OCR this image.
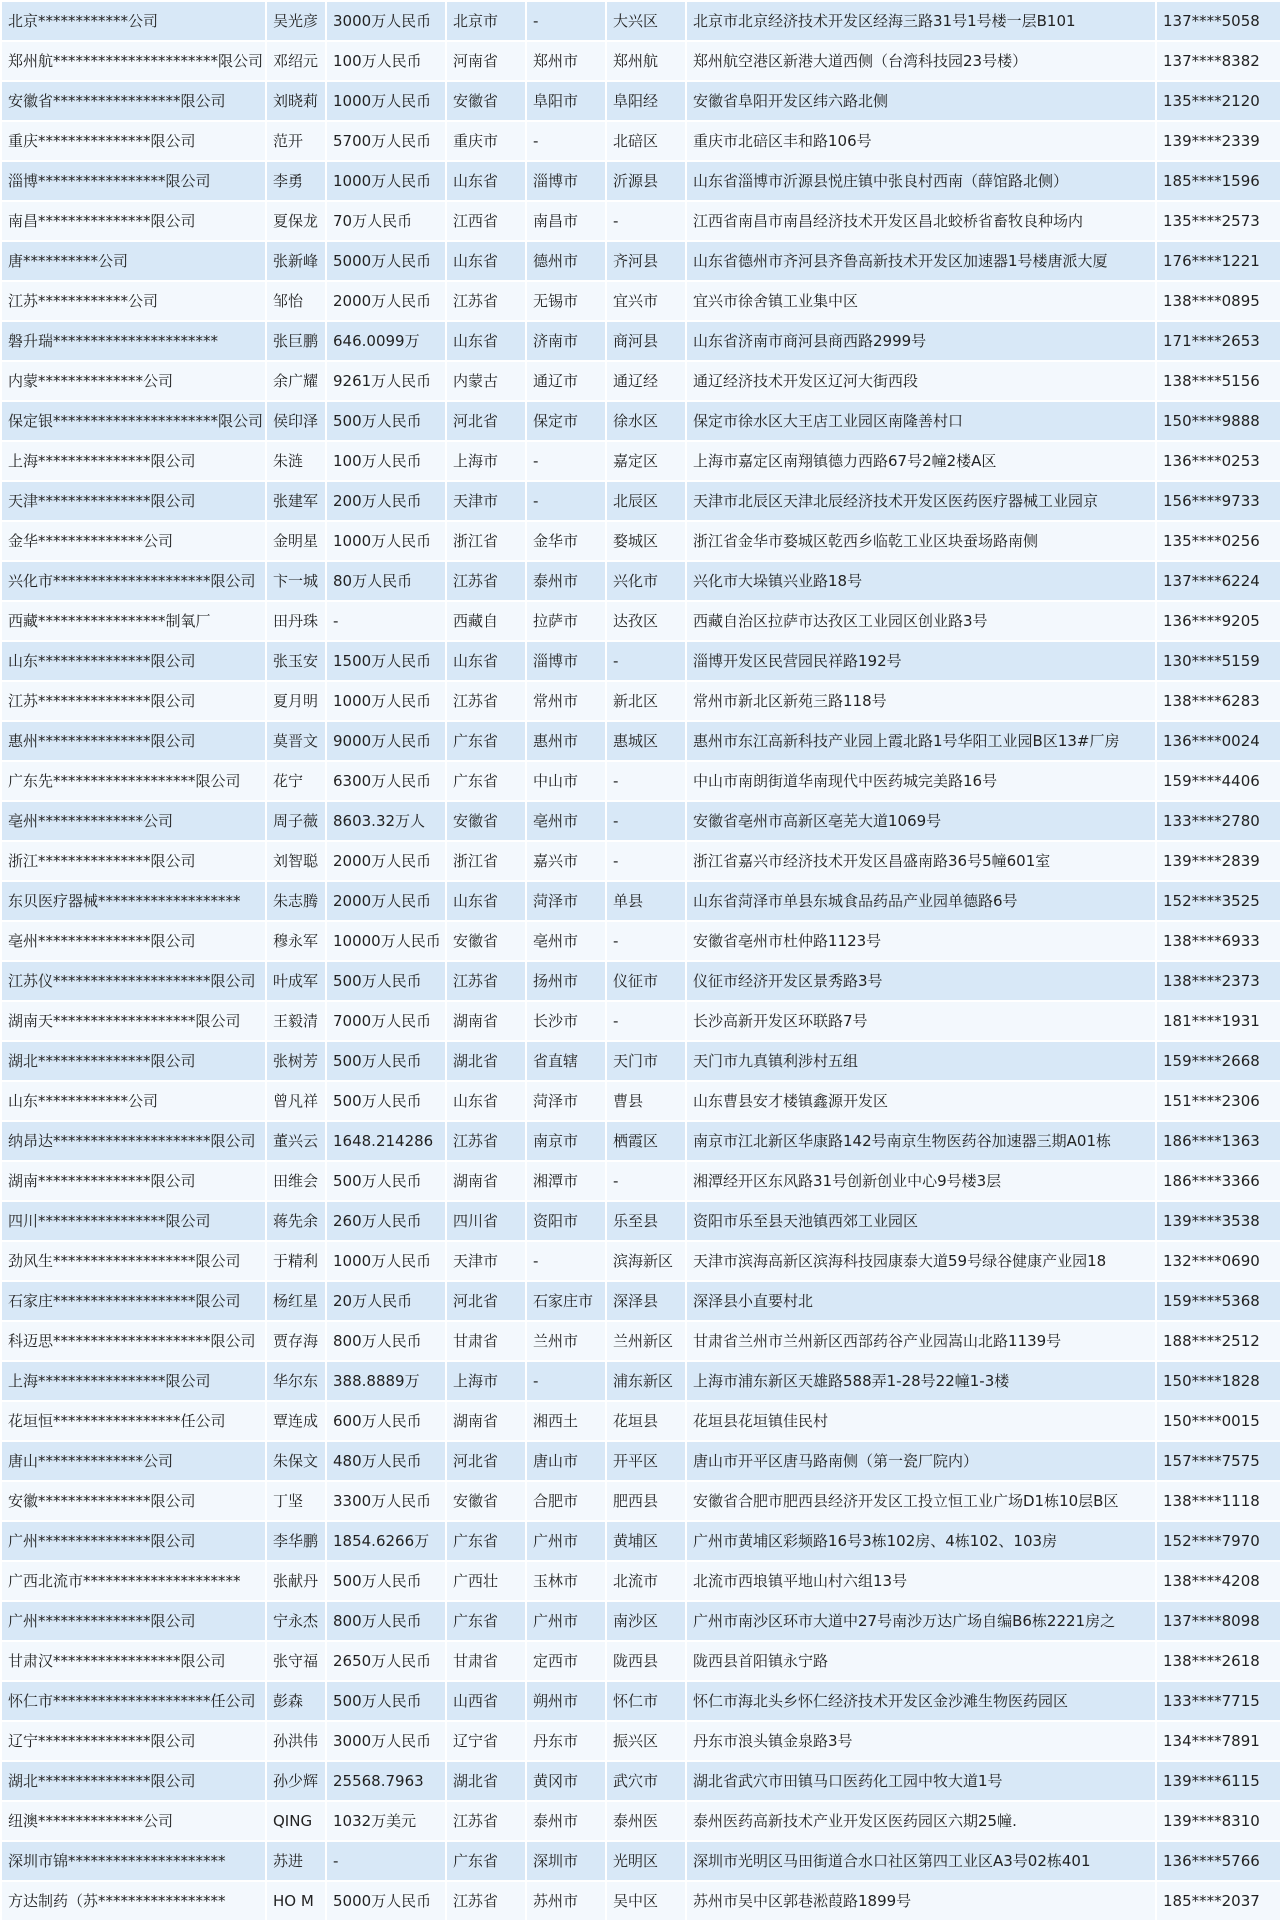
北京************公司	吴光彦	3000万人民币	北京市	-	大兴区	北京市北京经济技术开发区经海三路31号1号楼一层B101	137****5058
郑州航**********************限公司	邓绍元	100万人民币	河南省	郑州市	郑州航	郑州航空港区新港大道西侧（台湾科技园23号楼）	137****8382
安徽省*****************限公司	刘晓莉	1000万人民币	安徽省	阜阳市	阜阳经	安徽省阜阳开发区纬六路北侧	135****2120
重庆***************限公司	范开	5700万人民币	重庆市	-	北碚区	重庆市北碚区丰和路106号	139****2339
淄博*****************限公司	李勇	1000万人民币	山东省	淄博市	沂源县	山东省淄博市沂源县悦庄镇中张良村西南（薛馆路北侧）	185****1596
南昌***************限公司	夏保龙	70万人民币	江西省	南昌市	-	江西省南昌市南昌经济技术开发区昌北蛟桥省畜牧良种场内	135****2573
唐**********公司	张新峰	5000万人民币	山东省	德州市	齐河县	山东省德州市齐河县齐鲁高新技术开发区加速器1号楼唐派大厦	176****1221
江苏************公司	邹怡	2000万人民币	江苏省	无锡市	宜兴市	宜兴市徐舍镇工业集中区	138****0895
磐升瑞**********************	张巨鹏	646.0099万	山东省	济南市	商河县	山东省济南市商河县商西路2999号	171****2653
内蒙**************公司	余广耀	9261万人民币	内蒙古	通辽市	通辽经	通辽经济技术开发区辽河大街西段	138****5156
保定银**********************限公司	侯印泽	500万人民币	河北省	保定市	徐水区	保定市徐水区大王店工业园区南隆善村口	150****9888
上海***************限公司	朱涟	100万人民币	上海市	-	嘉定区	上海市嘉定区南翔镇德力西路67号2幢2楼A区	136****0253
天津***************限公司	张建军	200万人民币	天津市	-	北辰区	天津市北辰区天津北辰经济技术开发区医药医疗器械工业园京	156****9733
金华**************公司	金明星	1000万人民币	浙江省	金华市	婺城区	浙江省金华市婺城区乾西乡临乾工业区块蚕场路南侧	135****0256
兴化市*********************限公司	卞一城	80万人民币	江苏省	泰州市	兴化市	兴化市大垛镇兴业路18号	137****6224
西藏*****************制氧厂	田丹珠	-	西藏自	拉萨市	达孜区	西藏自治区拉萨市达孜区工业园区创业路3号	136****9205
山东***************限公司	张玉安	1500万人民币	山东省	淄博市	-	淄博开发区民营园民祥路192号	130****5159
江苏***************限公司	夏月明	1000万人民币	江苏省	常州市	新北区	常州市新北区新苑三路118号	138****6283
惠州***************限公司	莫晋文	9000万人民币	广东省	惠州市	惠城区	惠州市东江高新科技产业园上霞北路1号华阳工业园B区13#厂房	136****0024
广东先*******************限公司	花宁	6300万人民币	广东省	中山市	-	中山市南朗街道华南现代中医药城完美路16号	159****4406
亳州**************公司	周子薇	8603.32万人	安徽省	亳州市	-	安徽省亳州市高新区亳芜大道1069号	133****2780
浙江***************限公司	刘智聪	2000万人民币	浙江省	嘉兴市	-	浙江省嘉兴市经济技术开发区昌盛南路36号5幢601室	139****2839
东贝医疗器械*******************	朱志腾	2000万人民币	山东省	菏泽市	单县	山东省菏泽市单县东城食品药品产业园单德路6号	152****3525
亳州***************限公司	穆永军	10000万人民币	安徽省	亳州市	-	安徽省亳州市杜仲路1123号	138****6933
江苏仪*********************限公司	叶成军	500万人民币	江苏省	扬州市	仪征市	仪征市经济开发区景秀路3号	138****2373
湖南天*******************限公司	王毅清	7000万人民币	湖南省	长沙市	-	长沙高新开发区环联路7号	181****1931
湖北***************限公司	张树芳	500万人民币	湖北省	省直辖	天门市	天门市九真镇利涉村五组	159****2668
山东************公司	曾凡祥	500万人民币	山东省	菏泽市	曹县	山东曹县安才楼镇鑫源开发区	151****2306
纳昂达*********************限公司	董兴云	1648.214286	江苏省	南京市	栖霞区	南京市江北新区华康路142号南京生物医药谷加速器三期A01栋	186****1363
湖南***************限公司	田维会	500万人民币	湖南省	湘潭市	-	湘潭经开区东风路31号创新创业中心9号楼3层	186****3366
四川*****************限公司	蒋先余	260万人民币	四川省	资阳市	乐至县	资阳市乐至县天池镇西郊工业园区	139****3538
劲风生*******************限公司	于精利	1000万人民币	天津市	-	滨海新区	天津市滨海高新区滨海科技园康泰大道59号绿谷健康产业园18	132****0690
石家庄*******************限公司	杨红星	20万人民币	河北省	石家庄市	深泽县	深泽县小直要村北	159****5368
科迈思*********************限公司	贾存海	800万人民币	甘肃省	兰州市	兰州新区	甘肃省兰州市兰州新区西部药谷产业园嵩山北路1139号	188****2512
上海*****************限公司	华尔东	388.8889万	上海市	-	浦东新区	上海市浦东新区天雄路588弄1-28号22幢1-3楼	150****1828
花垣恒*****************任公司	覃连成	600万人民币	湖南省	湘西土	花垣县	花垣县花垣镇佳民村	150****0015
唐山**************公司	朱保文	480万人民币	河北省	唐山市	开平区	唐山市开平区唐马路南侧（第一瓷厂院内）	157****7575
安徽***************限公司	丁坚	3300万人民币	安徽省	合肥市	肥西县	安徽省合肥市肥西县经济开发区工投立恒工业广场D1栋10层B区	138****1118
广州***************限公司	李华鹏	1854.6266万	广东省	广州市	黄埔区	广州市黄埔区彩频路16号3栋102房、4栋102、103房	152****7970
广西北流市*********************	张献丹	500万人民币	广西壮	玉林市	北流市	北流市西埌镇平地山村六组13号	138****4208
广州***************限公司	宁永杰	800万人民币	广东省	广州市	南沙区	广州市南沙区环市大道中27号南沙万达广场自编B6栋2221房之	137****8098
甘肃汉*****************限公司	张守福	2650万人民币	甘肃省	定西市	陇西县	陇西县首阳镇永宁路	138****2618
怀仁市*********************任公司	彭森	500万人民币	山西省	朔州市	怀仁市	怀仁市海北头乡怀仁经济技术开发区金沙滩生物医药园区	133****7715
辽宁***************限公司	孙洪伟	3000万人民币	辽宁省	丹东市	振兴区	丹东市浪头镇金泉路3号	134****7891
湖北***************限公司	孙少辉	25568.7963	湖北省	黄冈市	武穴市	湖北省武穴市田镇马口医药化工园中牧大道1号	139****6115
纽澳**************公司	QING	1032万美元	江苏省	泰州市	泰州医	泰州医药高新技术产业开发区医药园区六期25幢.	139****8310
深圳市锦*********************	苏进	-	广东省	深圳市	光明区	深圳市光明区马田街道合水口社区第四工业区A3号02栋401	136****5766
方达制药（苏*****************	HO M	5000万人民币	江苏省	苏州市	吴中区	苏州市吴中区郭巷淞葭路1899号	185****2037
